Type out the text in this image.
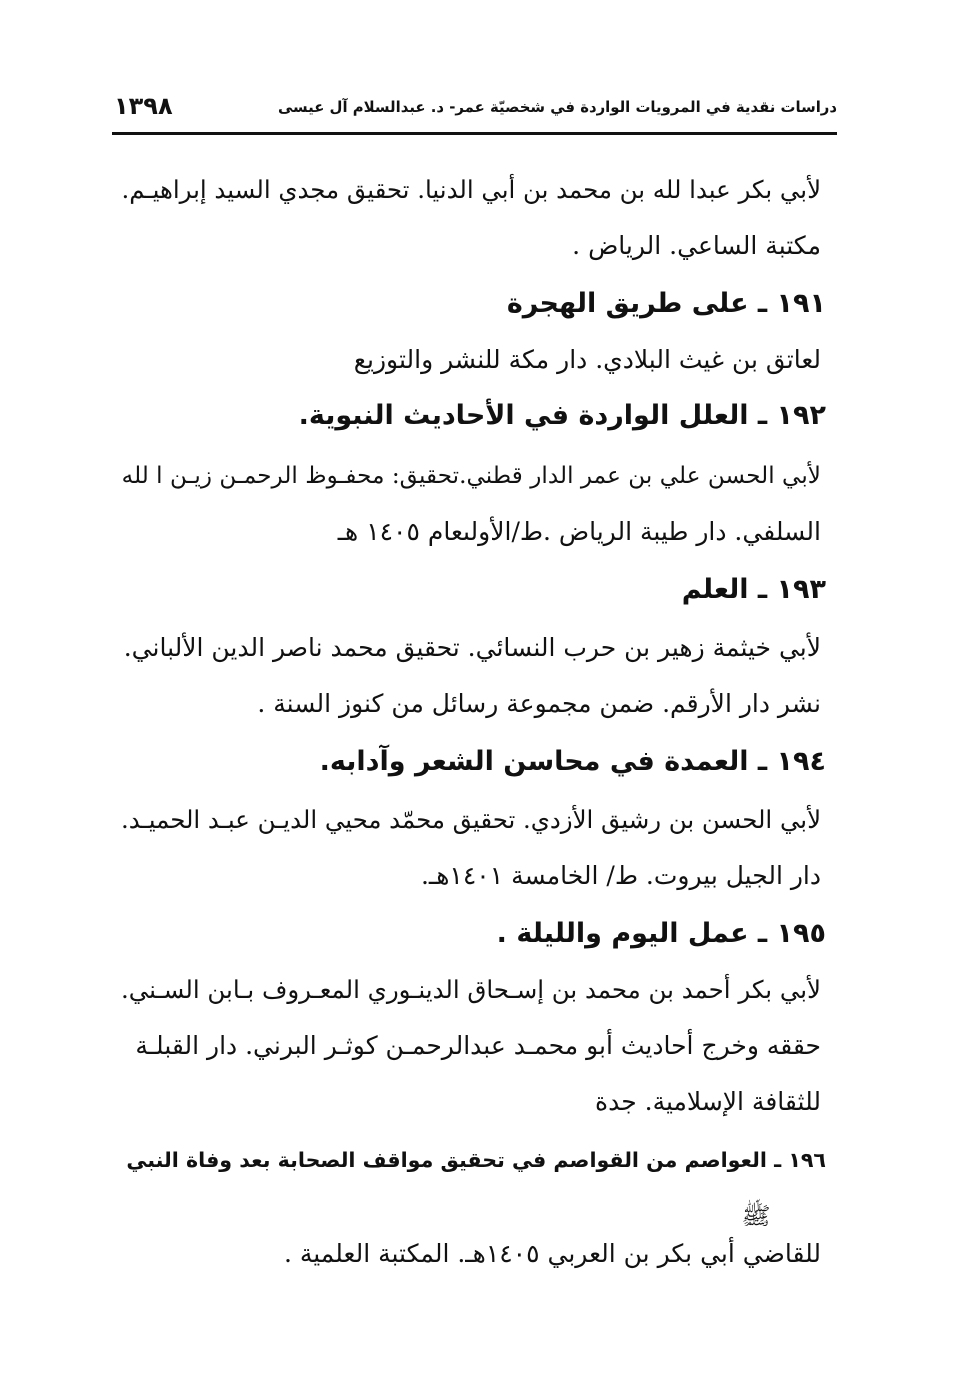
دراسات نقدية في المرويات الواردة في شخصيّة عمر- د. عبدالسلام آل عيسى
١٣٩٨
لأبي بكر عبدا لله بن محمد بن أبي الدنيا. تحقيق مجدي السيد إبراهيـم.
مكتبة الساعي. الرياض .
١٩١ ـ على طريق الهجرة
لعاتق بن غيث البلادي. دار مكة للنشر والتوزيع
١٩٢ ـ العلل الواردة في الأحاديث النبوية.
لأبي الحسن علي بن عمر الدار قطني.تحقيق: محفـوظ الرحمـن زيـن ا لله
السلفي. دار طيبة الرياض .ط/الأولىعام ١٤٠٥ هـ
١٩٣ ـ العلم
لأبي خيثمة زهير بن حرب النسائي. تحقيق محمد ناصر الدين الألباني.
نشر دار الأرقم. ضمن مجموعة رسائل من كنوز السنة .
١٩٤ ـ العمدة في محاسن الشعر وآدابه.
لأبي الحسن بن رشيق الأزدي. تحقيق محمّد محيي الديـن عبـد الحميـد.
دار الجيل بيروت. ط/ الخامسة ١٤٠١هـ.
١٩٥ ـ عمل اليوم والليلة .
لأبي بكر أحمد بن محمد بن إسـحاق الدينـوري المعـروف بـابن السـني.
حققه وخرج أحاديث أبو محمـد عبدالرحمـن كوثـر البرني. دار القبلـة
للثقافة الإسلامية. جدة
١٩٦ ـ العواصم من القواصم في تحقيق مواقف الصحابة بعد وفاة النبي
ﷺ
للقاضي أبي بكر بن العربي ١٤٠٥هـ. المكتبة العلمية .
